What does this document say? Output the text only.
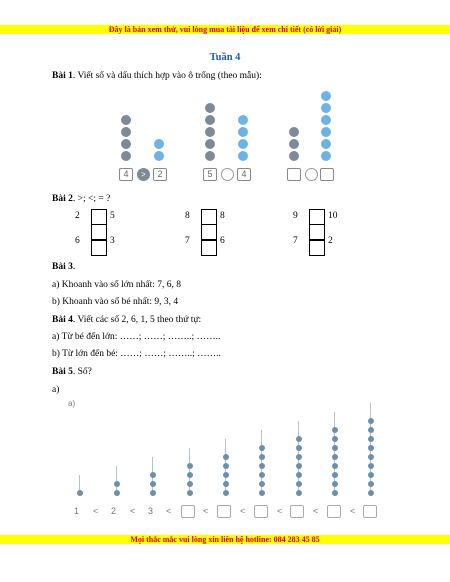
Đây là bản xem thử, vui lòng mua tài liệu để xem chi tiết (có lời giải)
Tuần 4
Bài 1. Viết số và dấu thích hợp vào ô trống (theo mẫu):
4	>	2	5	4
Bài 2. >; <; = ?
2	5
6	3
8	8
7	6
9	10
7	2
Bài 3.
a) Khoanh vào số lớn nhất: 7, 6, 8
b) Khoanh vào số bé nhất: 9, 3, 4
Bài 4. Viết các số 2, 6, 1, 5 theo thứ tự:
a) Từ bé đến lớn: ……; ……; ……..; ……..
b) Từ lớn đến bé: ……; ……; ……..; ……..
Bài 5. Số?
a)
a)
1 < 2 < 3 <	<	<	<	<	<
Mọi thắc mắc vui lòng xin liên hệ hotline: 084 283 45 85
